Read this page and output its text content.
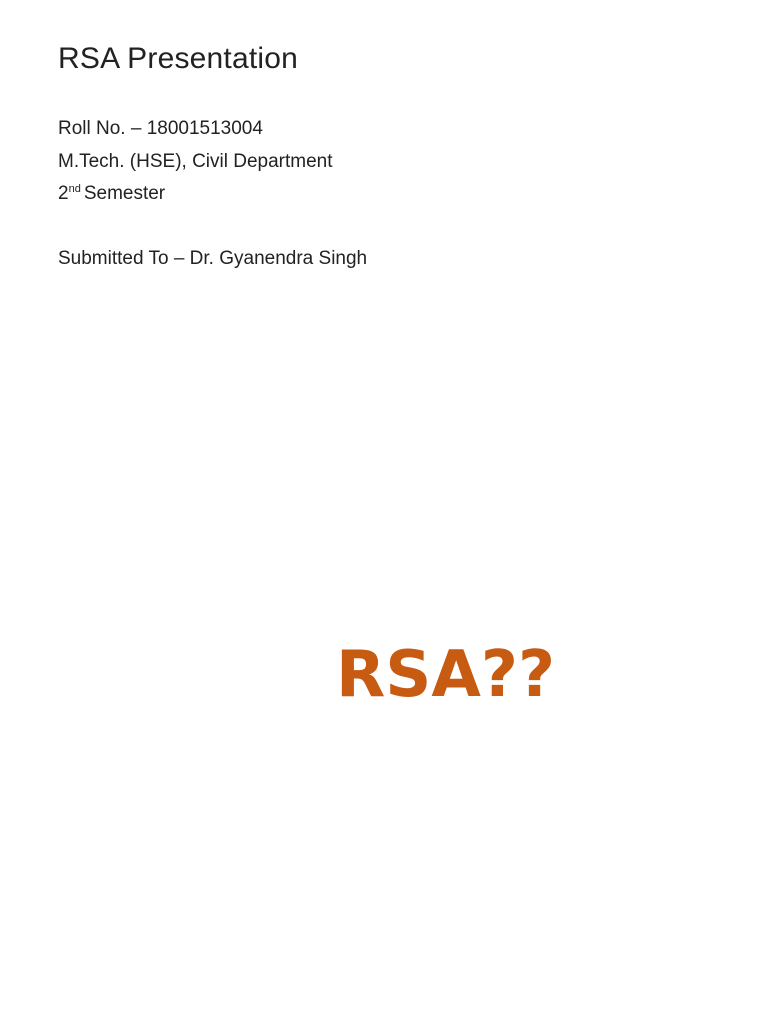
RSA Presentation
Roll No. – 18001513004
M.Tech. (HSE), Civil Department
2nd Semester
Submitted To – Dr. Gyanendra Singh
RSA??
